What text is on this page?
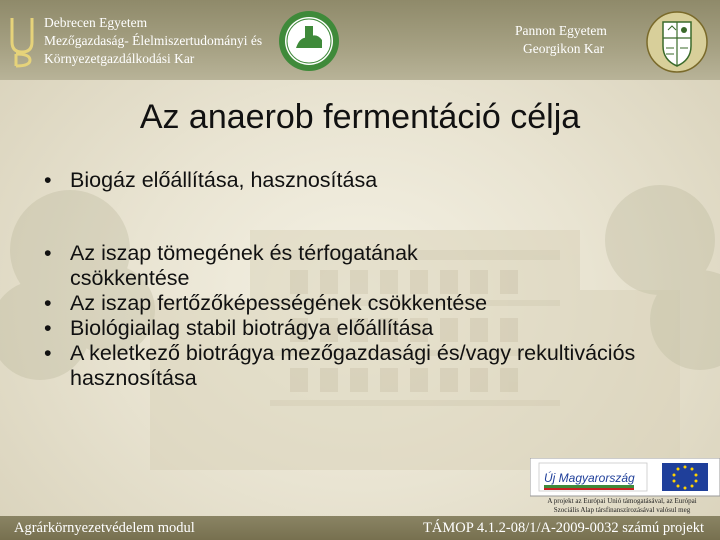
Debrecen Egyetem
Mezőgazdaság- Élelmiszertudományi és
Környezetgazdálkodási Kar
Pannon Egyetem
Georgikon Kar
Az anaerob fermentáció célja
• Biogáz előállítása, hasznosítása
• Az iszap tömegének és térfogatának csökkentése
• Az iszap fertőzőképességének csökkentése
• Biológiailag stabil biotrágya előállítása
• A keletkező biotrágya mezőgazdasági és/vagy rekultivációs hasznosítása
Új Magyarország
A projekt az Európai Unió támogatásával, az Európai
Szociális Alap társfinanszírozásával valósul meg
Agrárkörnyezetvédelem modul	TÁMOP 4.1.2-08/1/A-2009-0032 számú projekt
